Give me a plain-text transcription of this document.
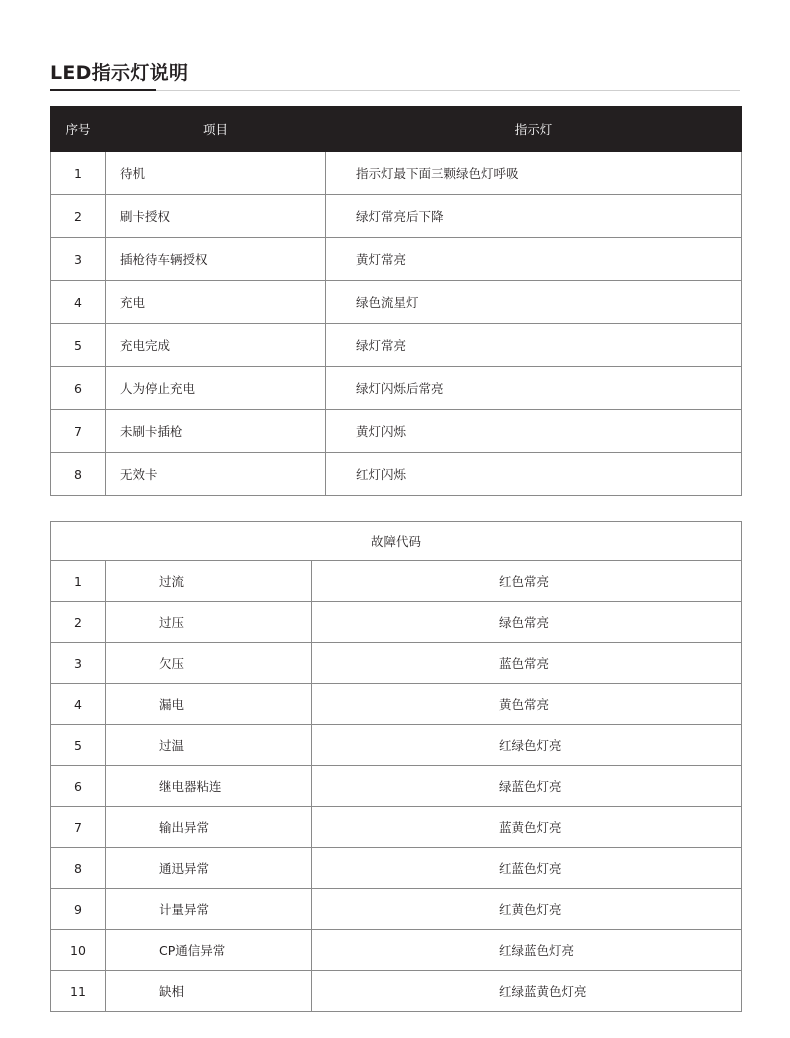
LED指示灯说明
序号	项目	指示灯
1	待机	指示灯最下面三颗绿色灯呼吸
2	刷卡授权	绿灯常亮后下降
3	插枪待车辆授权	黄灯常亮
4	充电	绿色流星灯
5	充电完成	绿灯常亮
6	人为停止充电	绿灯闪烁后常亮
7	未刷卡插枪	黄灯闪烁
8	无效卡	红灯闪烁
故障代码		
1	过流	红色常亮
2	过压	绿色常亮
3	欠压	蓝色常亮
4	漏电	黄色常亮
5	过温	红绿色灯亮
6	继电器粘连	绿蓝色灯亮
7	输出异常	蓝黄色灯亮
8	通迅异常	红蓝色灯亮
9	计量异常	红黄色灯亮
10	CP通信异常	红绿蓝色灯亮
11	缺相	红绿蓝黄色灯亮
